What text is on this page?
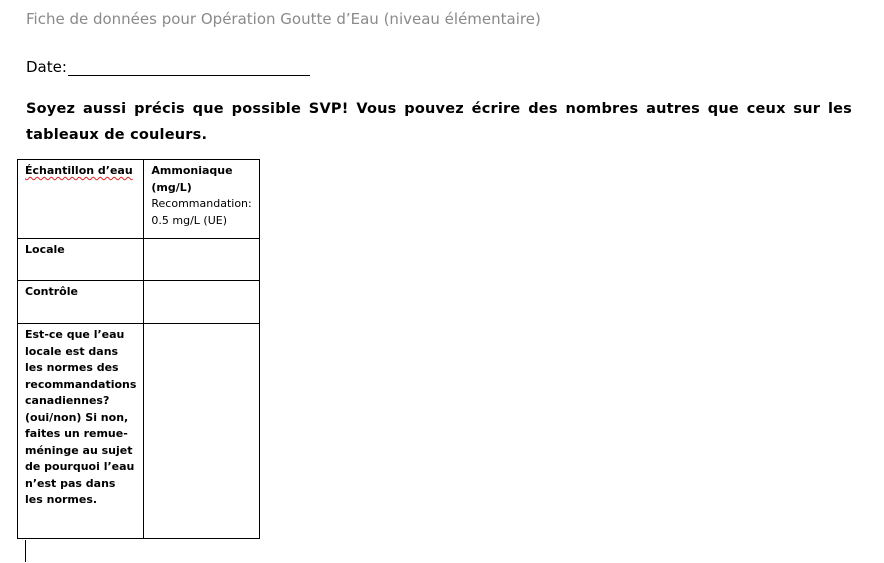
Fiche de données pour Opération Goutte d’Eau (niveau élémentaire)
Date:
Soyez aussi précis que possible SVP! Vous pouvez écrire des nombres autres que ceux sur les tableaux de couleurs.
Échantillon d’eau	Ammoniaque
(mg/L)
Recommandation:
0.5 mg/L (UE)

Locale	
Contrôle	
Est-ce que l’eau locale est dans les normes des recommandations canadiennes? (oui/non) Si non, faites un remue-méninge au sujet de pourquoi l’eau n’est pas dans les normes.	
